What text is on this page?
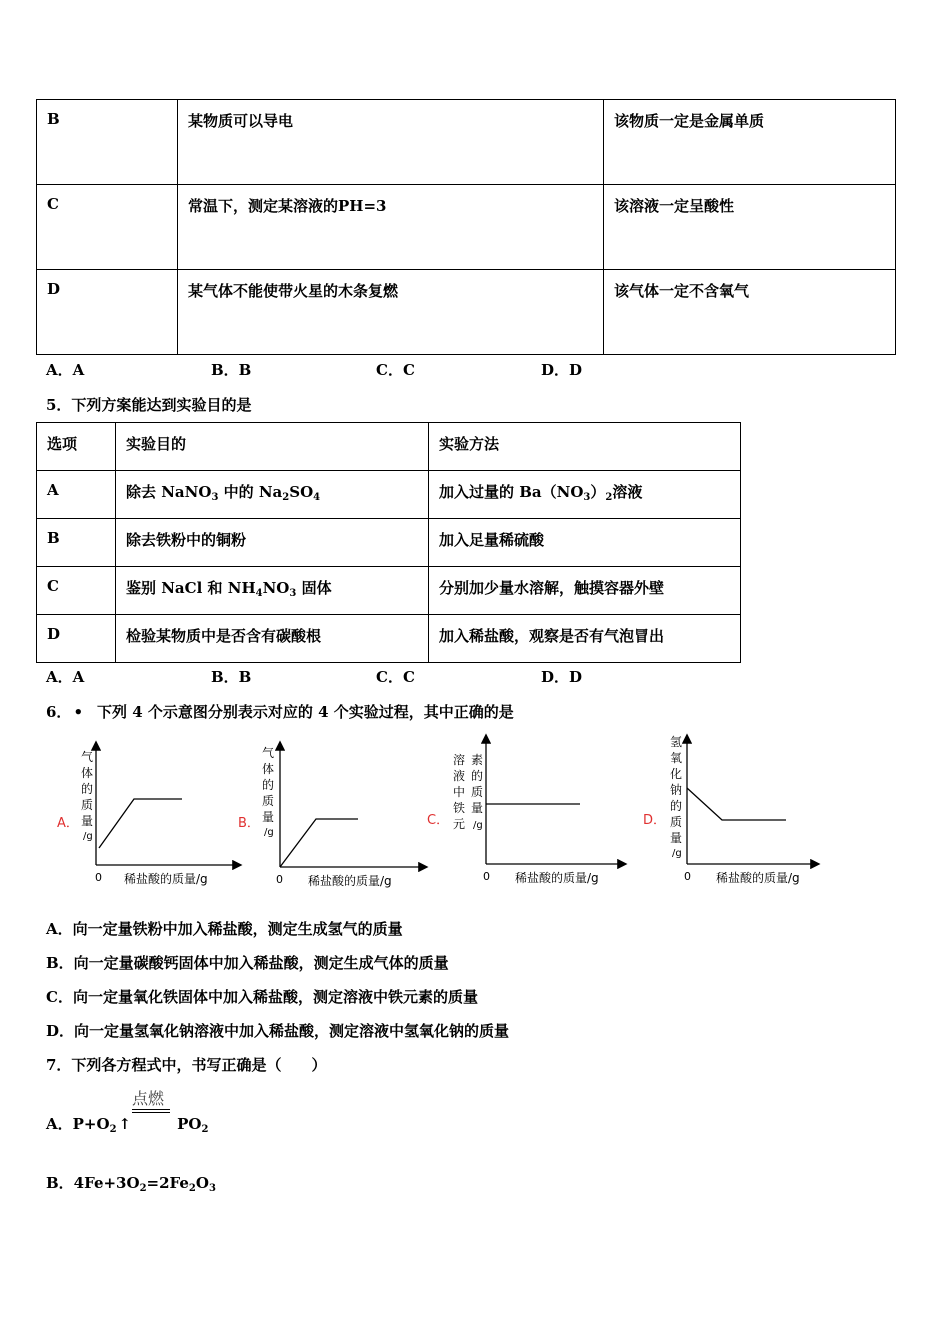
B	某物质可以导电	该物质一定是金属单质
C	常温下，测定某溶液的PH=3	该溶液一定呈酸性
D	某气体不能使带火星的木条复燃	该气体一定不含氧气
A．A	B．B	C．C	D．D
5．下列方案能达到实验目的是
选项	实验目的	实验方法
A	除去 NaNO$_3$ 中的 $Na_2SO_4$	加入过量的 $Ba(NO_3)_2$溶液
B	除去铁粉中的铜粉	加入足量稀硫酸
C	鉴别 NaCl 和 $NH_4NO_3$ 固体	分别加少量水溶解，触摸容器外壁
D	检验某物质中是否含有碳酸根	加入稀盐酸，观察是否有气泡冒出
A．A	B．B	C．C	D．D
6． • 下列 4 个示意图分别表示对应的 4 个实验过程，其中正确的是
A．
气
体
的
质
量
/g
0 稀盐酸的质量/g
B．
气
体
的
质
量
/g
0 稀盐酸的质量/g
C．
溶
液
中
铁
元
素
的
质
量
/g
0 稀盐酸的质量/g
D．
氢
氧
化
钠
的
质
量
/g
0 稀盐酸的质量/g
A．向一定量铁粉中加入稀盐酸，测定生成氢气的质量
B．向一定量碳酸钙固体中加入稀盐酸，测定生成气体的质量
C．向一定量氧化铁固体中加入稀盐酸，测定溶液中铁元素的质量
D．向一定量氢氧化钠溶液中加入稀盐酸，测定溶液中氢氧化钠的质量
7．下列各方程式中，书写正确是（　　）
点燃
A．$P+O_2$ ↑	$PO_2$
B．$4Fe+3O_2=2Fe_2O_3$
